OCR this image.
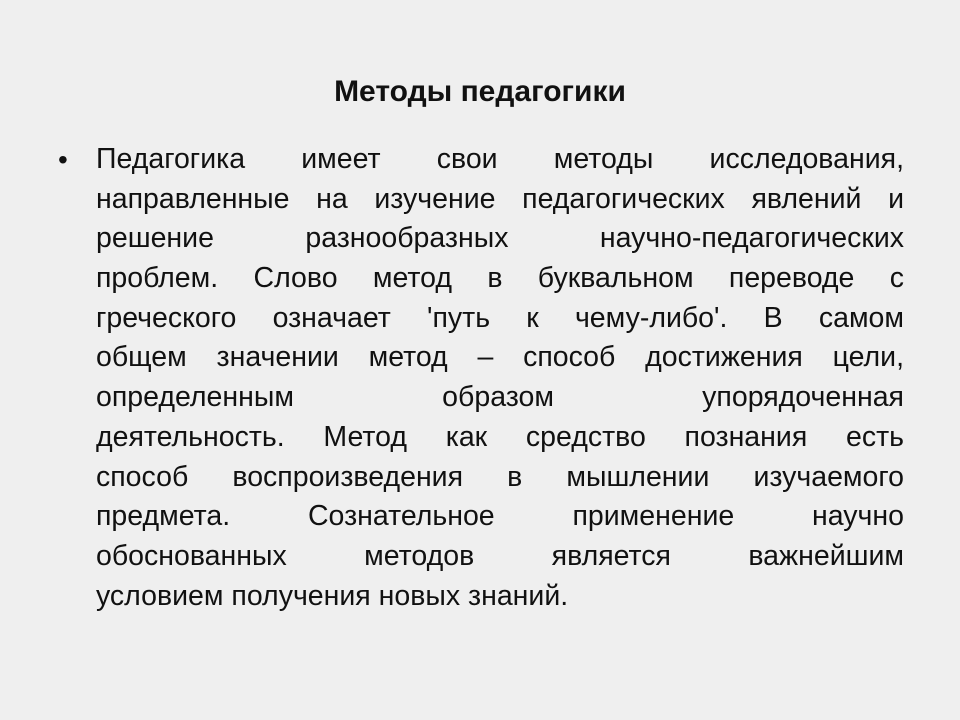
Методы педагогики
• Педагогика имеет свои методы исследования,
направленные на изучение педагогических явлений и
решение разнообразных научно-педагогических
проблем. Слово метод в буквальном переводе с
греческого означает 'путь к чему-либо'. В самом
общем значении метод – способ достижения цели,
определенным образом упорядоченная
деятельность. Метод как средство познания есть
способ воспроизведения в мышлении изучаемого
предмета. Сознательное применение научно
обоснованных методов является важнейшим
условием получения новых знаний.
